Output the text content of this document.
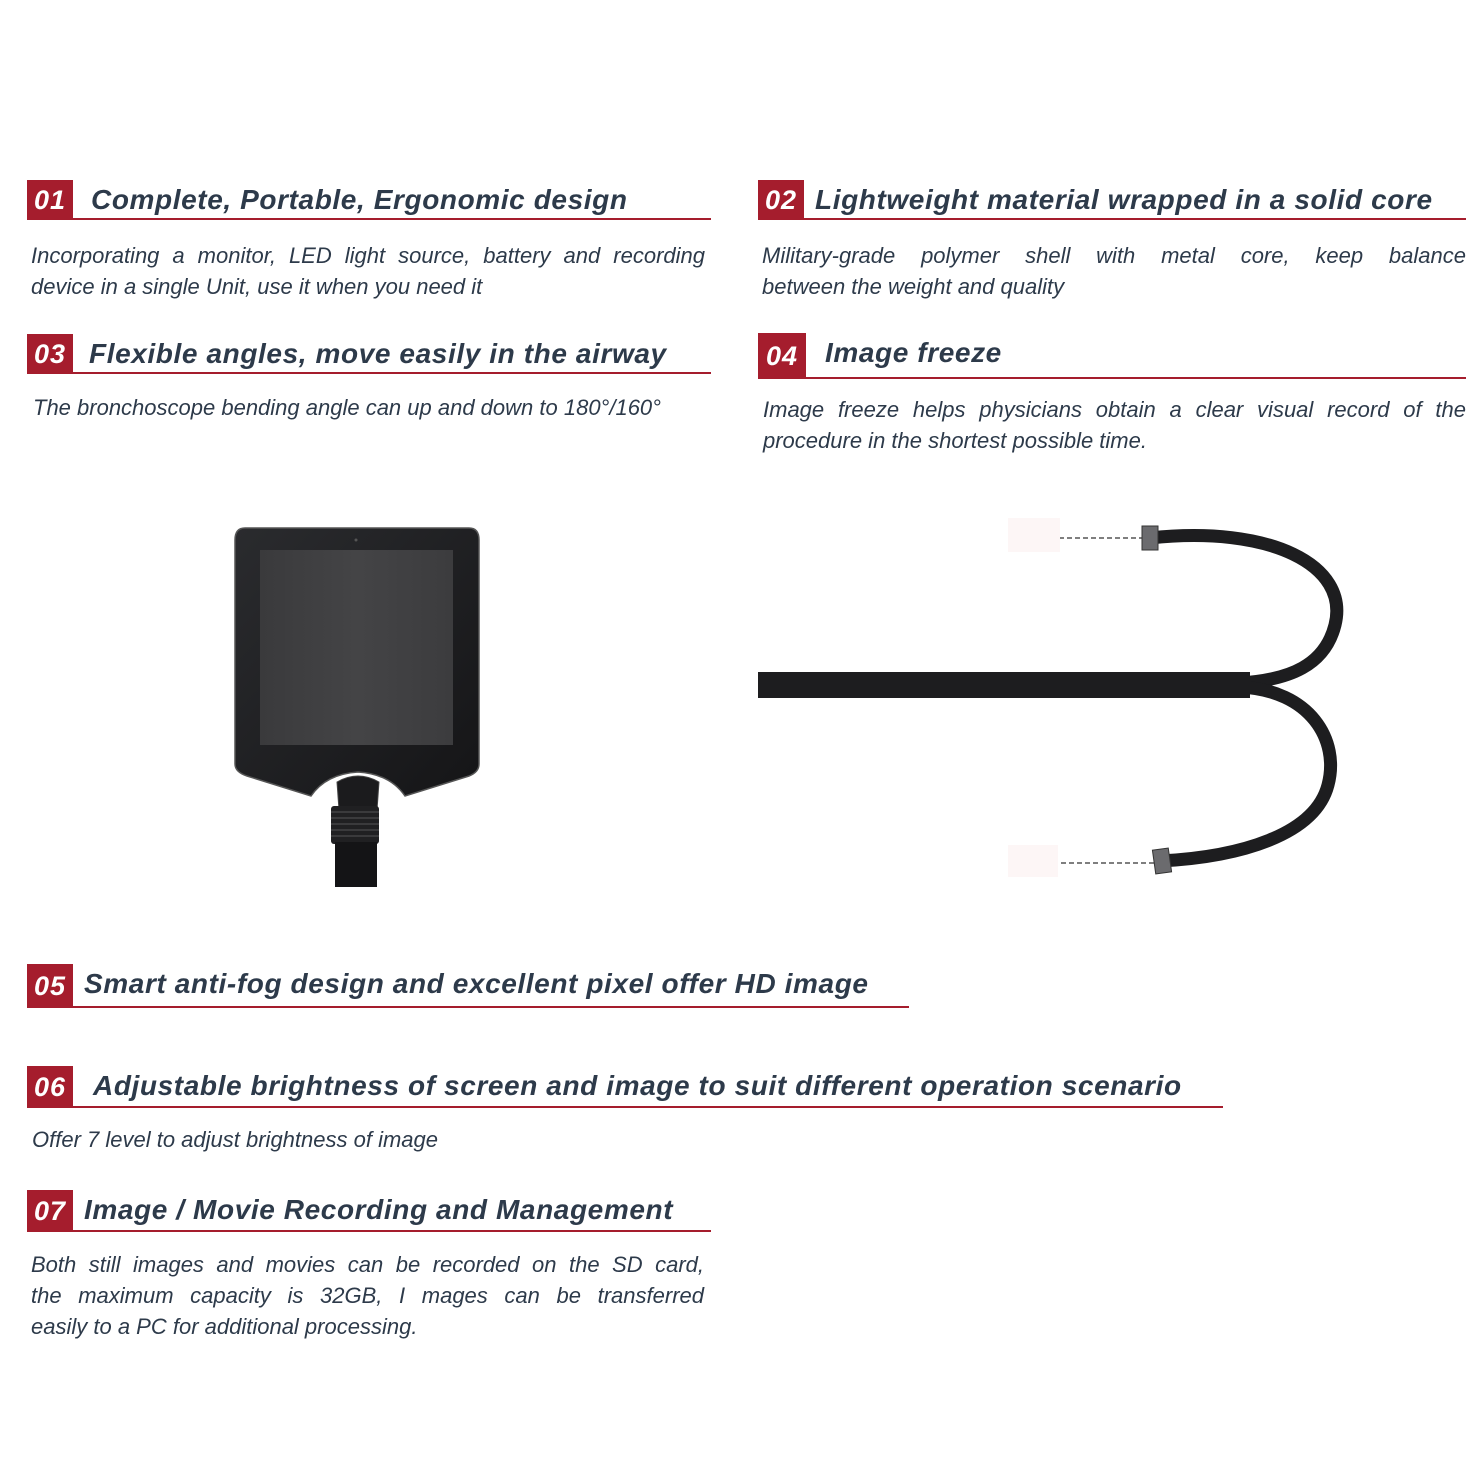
01 Complete, Portable, Ergonomic design
Incorporating a monitor, LED light source, battery and recording
device in a single Unit, use it when you need it
02 Lightweight material wrapped in a solid core
Military-grade polymer shell with metal core, keep balance
between the weight and quality
03 Flexible angles, move easily in the airway
The bronchoscope bending angle can up and down to 180°/160°
04 Image freeze
Image freeze helps physicians obtain a clear visual record of the
procedure in the shortest possible time.
05 Smart anti-fog design and excellent pixel offer HD image
06 Adjustable brightness of screen and image to suit different operation scenario
Offer 7 level to adjust brightness of image
07 Image / Movie Recording and Management
Both still images and movies can be recorded on the SD card,
the maximum capacity is 32GB, I mages can be transferred
easily to a PC for additional processing.
